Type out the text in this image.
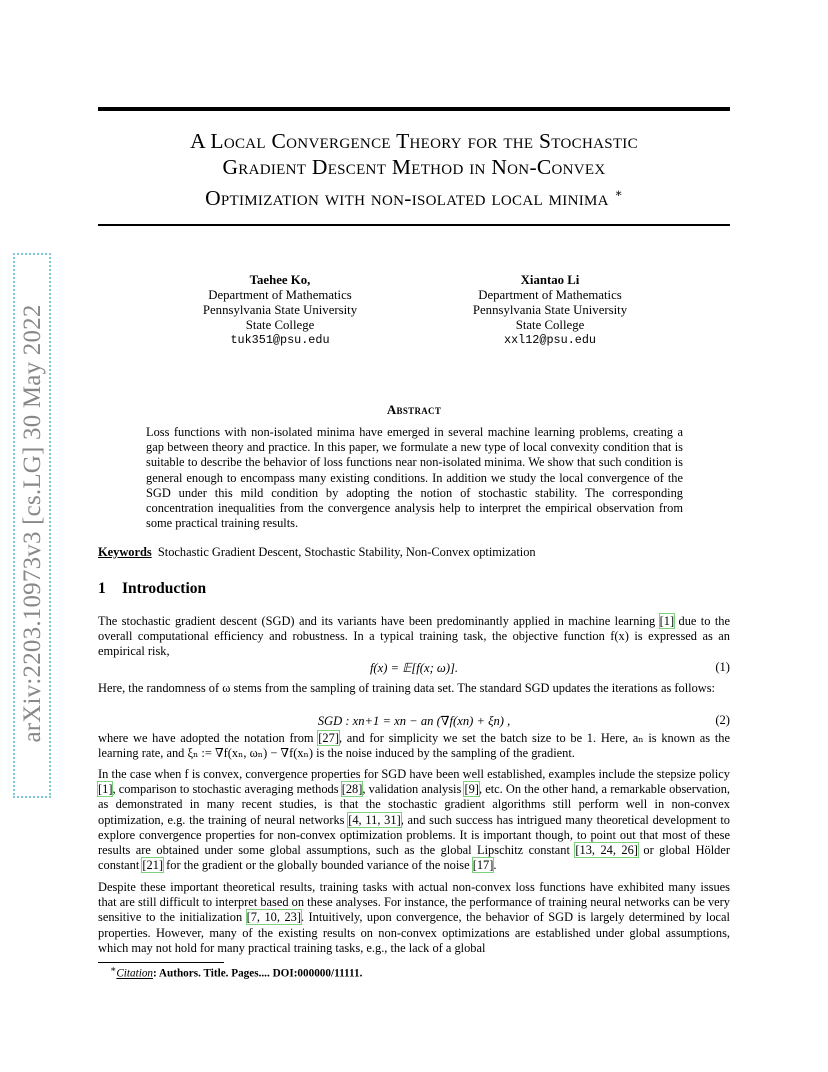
arXiv:2203.10973v3 [cs.LG] 30 May 2022
A Local Convergence Theory for the Stochastic
Gradient Descent Method in Non-Convex
Optimization with non-isolated local minima ∗
Taehee Ko,
Department of Mathematics
Pennsylvania State University
State College
tuk351@psu.edu
Xiantao Li
Department of Mathematics
Pennsylvania State University
State College
xxl12@psu.edu
Abstract
Loss functions with non-isolated minima have emerged in several machine learning problems, creating a gap between theory and practice. In this paper, we formulate a new type of local convexity condition that is suitable to describe the behavior of loss functions near non-isolated minima. We show that such condition is general enough to encompass many existing conditions. In addition we study the local convergence of the SGD under this mild condition by adopting the notion of stochastic stability. The corresponding concentration inequalities from the convergence analysis help to interpret the empirical observation from some practical training results.
Keywords Stochastic Gradient Descent, Stochastic Stability, Non-Convex optimization
1 Introduction
The stochastic gradient descent (SGD) and its variants have been predominantly applied in machine learning [1] due to the overall computational efficiency and robustness. In a typical training task, the objective function f(x) is expressed as an empirical risk,
f(x) = 𝔼[f(x; ω)].	(1)
Here, the randomness of ω stems from the sampling of training data set. The standard SGD updates the iterations as follows:
SGD : xn+1 = xn − an (∇f(xn) + ξn) ,	(2)
where we have adopted the notation from [27], and for simplicity we set the batch size to be 1. Here, aₙ is known as the learning rate, and ξₙ := ∇f(xₙ, ωₙ) − ∇f(xₙ) is the noise induced by the sampling of the gradient.
In the case when f is convex, convergence properties for SGD have been well established, examples include the stepsize policy [1], comparison to stochastic averaging methods [28], validation analysis [9], etc. On the other hand, a remarkable observation, as demonstrated in many recent studies, is that the stochastic gradient algorithms still perform well in non-convex optimization, e.g. the training of neural networks [4, 11, 31], and such success has intrigued many theoretical development to explore convergence properties for non-convex optimization problems. It is important though, to point out that most of these results are obtained under some global assumptions, such as the global Lipschitz constant [13, 24, 26] or global Hölder constant [21] for the gradient or the globally bounded variance of the noise [17].
Despite these important theoretical results, training tasks with actual non-convex loss functions have exhibited many issues that are still difficult to interpret based on these analyses. For instance, the performance of training neural networks can be very sensitive to the initialization [7, 10, 23]. Intuitively, upon convergence, the behavior of SGD is largely determined by local properties. However, many of the existing results on non-convex optimizations are established under global assumptions, which may not hold for many practical training tasks, e.g., the lack of a global
∗Citation: Authors. Title. Pages.... DOI:000000/11111.
